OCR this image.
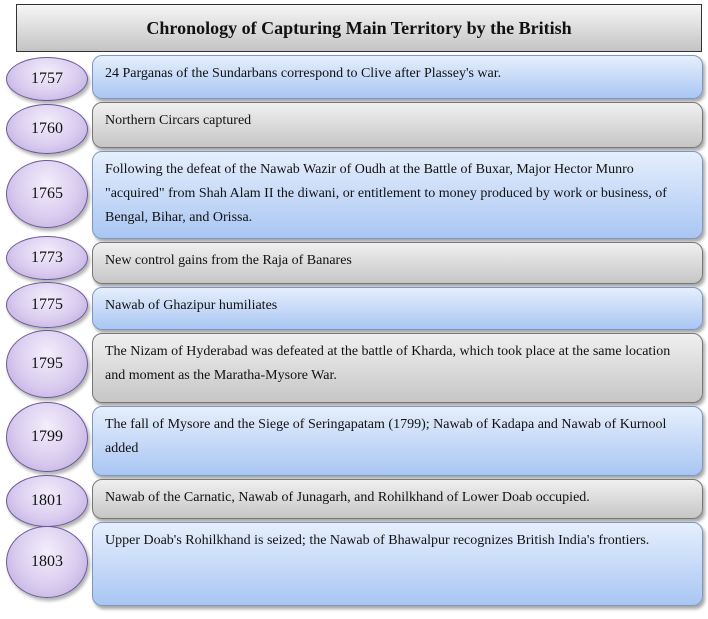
Chronology of Capturing Main Territory by the British
24 Parganas of the Sundarbans correspond to Clive after Plassey's war.
Northern Circars captured
Following the defeat of the Nawab Wazir of Oudh at the Battle of Buxar, Major Hector Munro "acquired" from Shah Alam II the diwani, or entitlement to money produced by work or business, of Bengal, Bihar, and Orissa.
New control gains from the Raja of Banares
Nawab of Ghazipur humiliates
The Nizam of Hyderabad was defeated at the battle of Kharda, which took place at the same location and moment as the Maratha-Mysore War.
The fall of Mysore and the Siege of Seringapatam (1799); Nawab of Kadapa and Nawab of Kurnool added
Nawab of the Carnatic, Nawab of Junagarh, and Rohilkhand of Lower Doab occupied.
Upper Doab's Rohilkhand is seized; the Nawab of Bhawalpur recognizes British India's frontiers.
1757
1760
1765
1773
1775
1795
1799
1801
1803
